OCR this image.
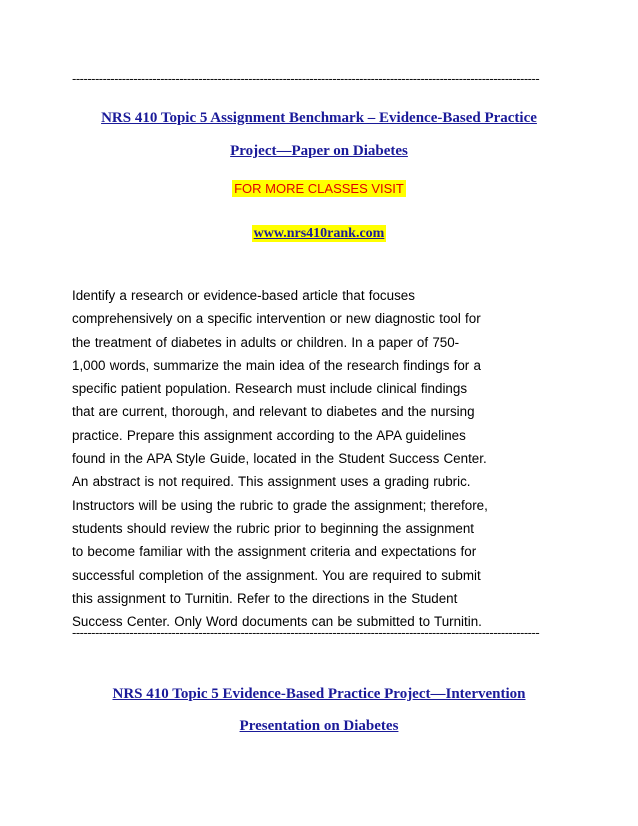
--------------------------------------------------------------------------------------------------------------------------
NRS 410 Topic 5 Assignment Benchmark – Evidence-Based Practice
Project—Paper on Diabetes
FOR MORE CLASSES VISIT
www.nrs410rank.com
Identify a research or evidence-based article that focuses
comprehensively on a specific intervention or new diagnostic tool for
the treatment of diabetes in adults or children. In a paper of 750-
1,000 words, summarize the main idea of the research findings for a
specific patient population. Research must include clinical findings
that are current, thorough, and relevant to diabetes and the nursing
practice. Prepare this assignment according to the APA guidelines
found in the APA Style Guide, located in the Student Success Center.
An abstract is not required. This assignment uses a grading rubric.
Instructors will be using the rubric to grade the assignment; therefore,
students should review the rubric prior to beginning the assignment
to become familiar with the assignment criteria and expectations for
successful completion of the assignment. You are required to submit
this assignment to Turnitin. Refer to the directions in the Student
Success Center. Only Word documents can be submitted to Turnitin.
--------------------------------------------------------------------------------------------------------------------------
NRS 410 Topic 5 Evidence-Based Practice Project—Intervention
Presentation on Diabetes
